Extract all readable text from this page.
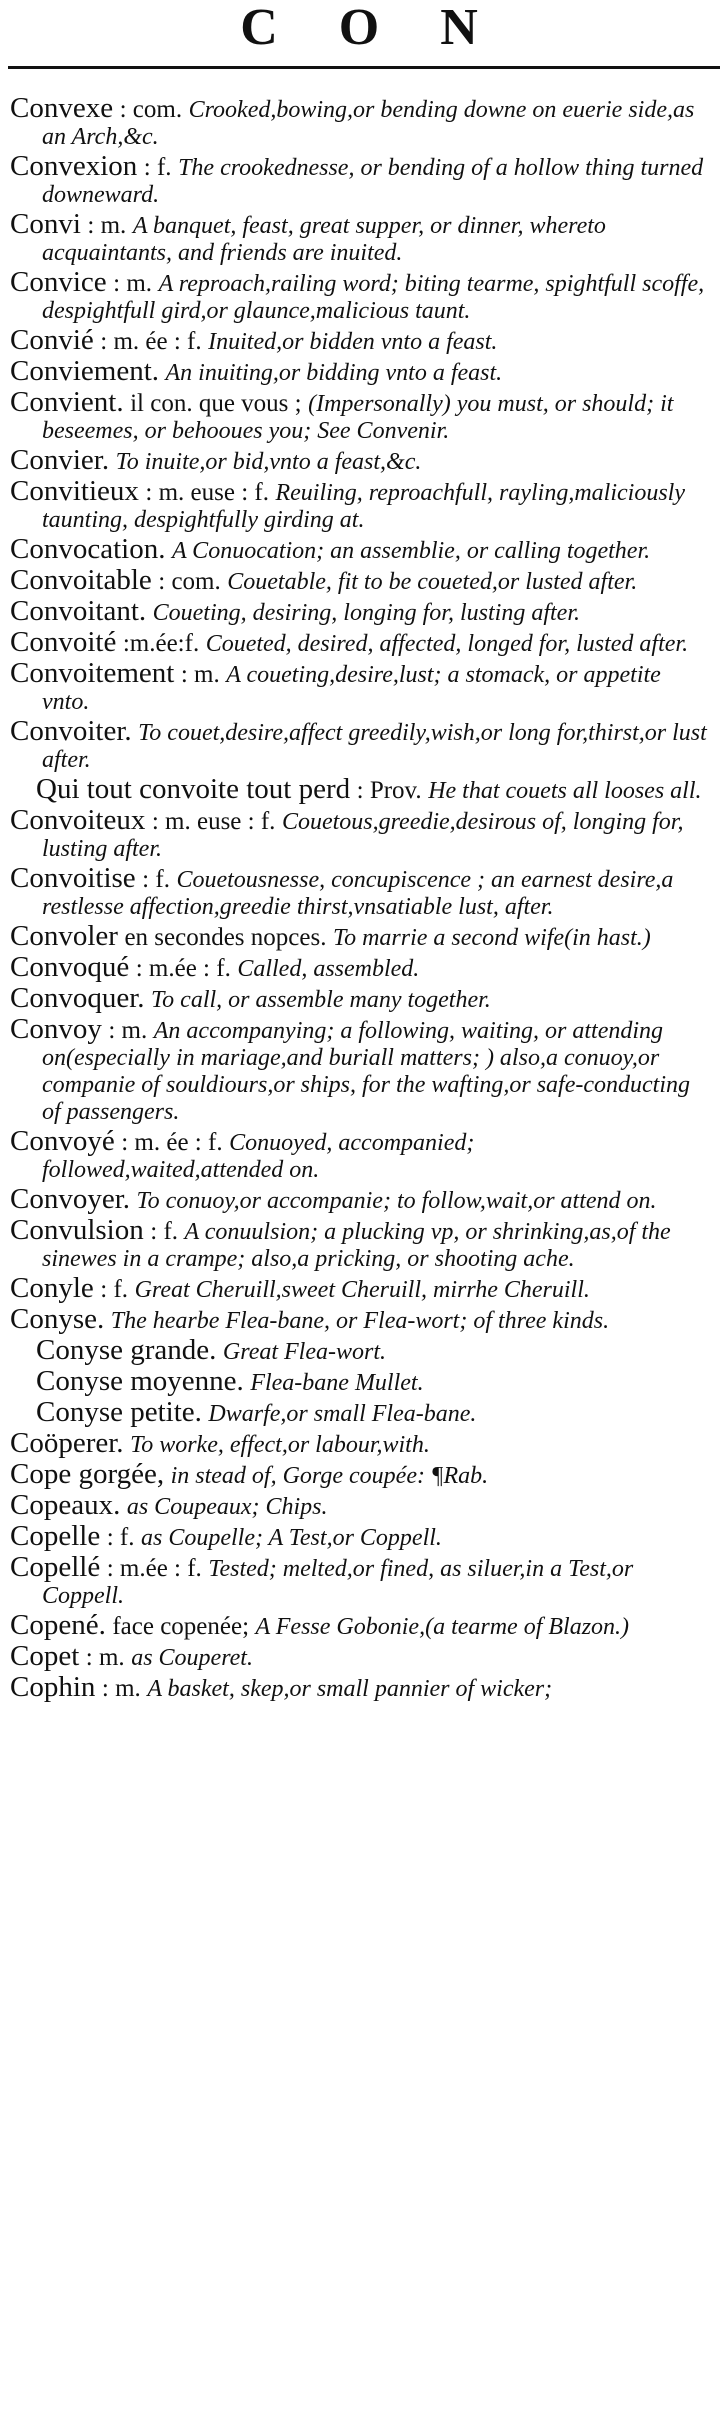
C O N
Convexe : com. Crooked,bowing,or bending downe on euerie side,as an Arch,&c.
Convexion : f. The crookednesse, or bending of a hollow thing turned downeward.
Convi : m. A banquet, feast, great supper, or dinner, whereto acquaintants, and friends are inuited.
Convice : m. A reproach,railing word; biting tearme, spightfull scoffe, despightfull gird,or glaunce,malicious taunt.
Convié : m. ée : f. Inuited,or bidden vnto a feast.
Conviement. An inuiting,or bidding vnto a feast.
Convient. il con. que vous ; (Impersonally) you must, or should; it beseemes, or behooues you; See Convenir.
Convier. To inuite,or bid,vnto a feast,&c.
Convitieux : m. euse : f. Reuiling, reproachfull, rayling,maliciously taunting, despightfully girding at.
Convocation. A Conuocation; an assemblie, or calling together.
Convoitable : com. Couetable, fit to be coueted,or lusted after.
Convoitant. Coueting, desiring, longing for, lusting after.
Convoité :m.ée:f. Coueted, desired, affected, longed for, lusted after.
Convoitement : m. A coueting,desire,lust; a stomack, or appetite vnto.
Convoiter. To couet,desire,affect greedily,wish,or long for,thirst,or lust after.
Qui tout convoite tout perd : Prov. He that couets all looses all.
Convoiteux : m. euse : f. Couetous,greedie,desirous of, longing for, lusting after.
Convoitise : f. Couetousnesse, concupiscence ; an earnest desire,a restlesse affection,greedie thirst,vnsatiable lust, after.
Convoler en secondes nopces. To marrie a second wife(in hast.)
Convoqué : m.ée : f. Called, assembled.
Convoquer. To call, or assemble many together.
Convoy : m. An accompanying; a following, waiting, or attending on(especially in mariage,and buriall matters; ) also,a conuoy,or companie of souldiours,or ships, for the wafting,or safe-conducting of passengers.
Convoyé : m. ée : f. Conuoyed, accompanied; followed,waited,attended on.
Convoyer. To conuoy,or accompanie; to follow,wait,or attend on.
Convulsion : f. A conuulsion; a plucking vp, or shrinking,as,of the sinewes in a crampe; also,a pricking, or shooting ache.
Conyle : f. Great Cheruill,sweet Cheruill, mirrhe Cheruill.
Conyse. The hearbe Flea-bane, or Flea-wort; of three kinds.
Conyse grande. Great Flea-wort.
Conyse moyenne. Flea-bane Mullet.
Conyse petite. Dwarfe,or small Flea-bane.
Coöperer. To worke, effect,or labour,with.
Cope gorgée, in stead of, Gorge coupée: ¶Rab.
Copeaux. as Coupeaux; Chips.
Copelle : f. as Coupelle; A Test,or Coppell.
Copellé : m.ée : f. Tested; melted,or fined, as siluer,in a Test,or Coppell.
Copené. face copenée; A Fesse Gobonie,(a tearme of Blazon.)
Copet : m. as Couperet.
Cophin : m. A basket, skep,or small pannier of wicker;
